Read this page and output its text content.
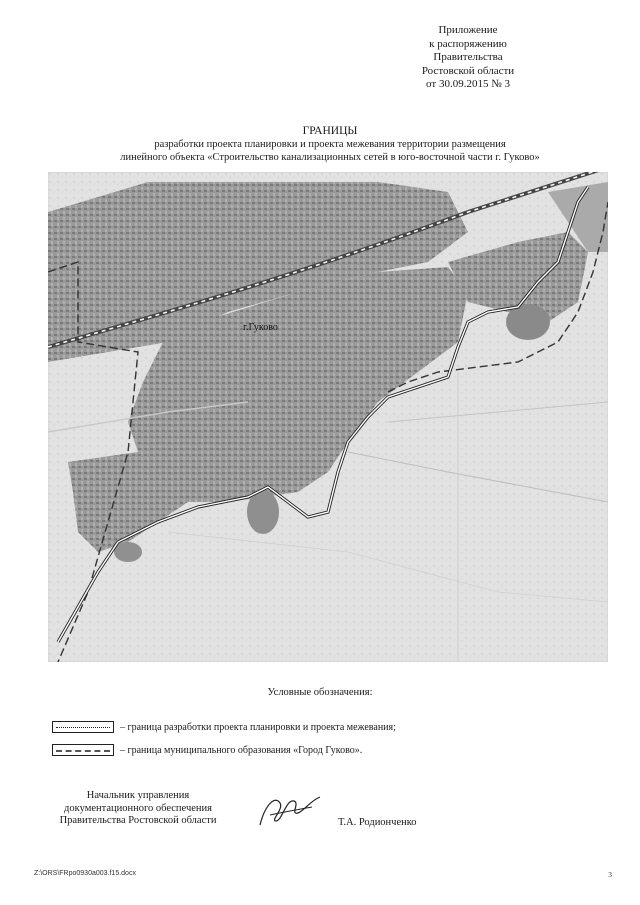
Приложение
к распоряжению
Правительства
Ростовской области
от 30.09.2015 № 3
ГРАНИЦЫ
разработки проекта планировки и проекта межевания территории размещения
линейного объекта «Строительство канализационных сетей в юго-восточной части г. Гуково»
г.Гуково
Условные обозначения:
– граница разработки проекта планировки и проекта межевания;
– граница муниципального образования «Город Гуково».
Начальник управления
документационного обеспечения
Правительства Ростовской области	Т.А. Родионченко
Z:\ORS\FRpo0930a003.f15.docx	3
